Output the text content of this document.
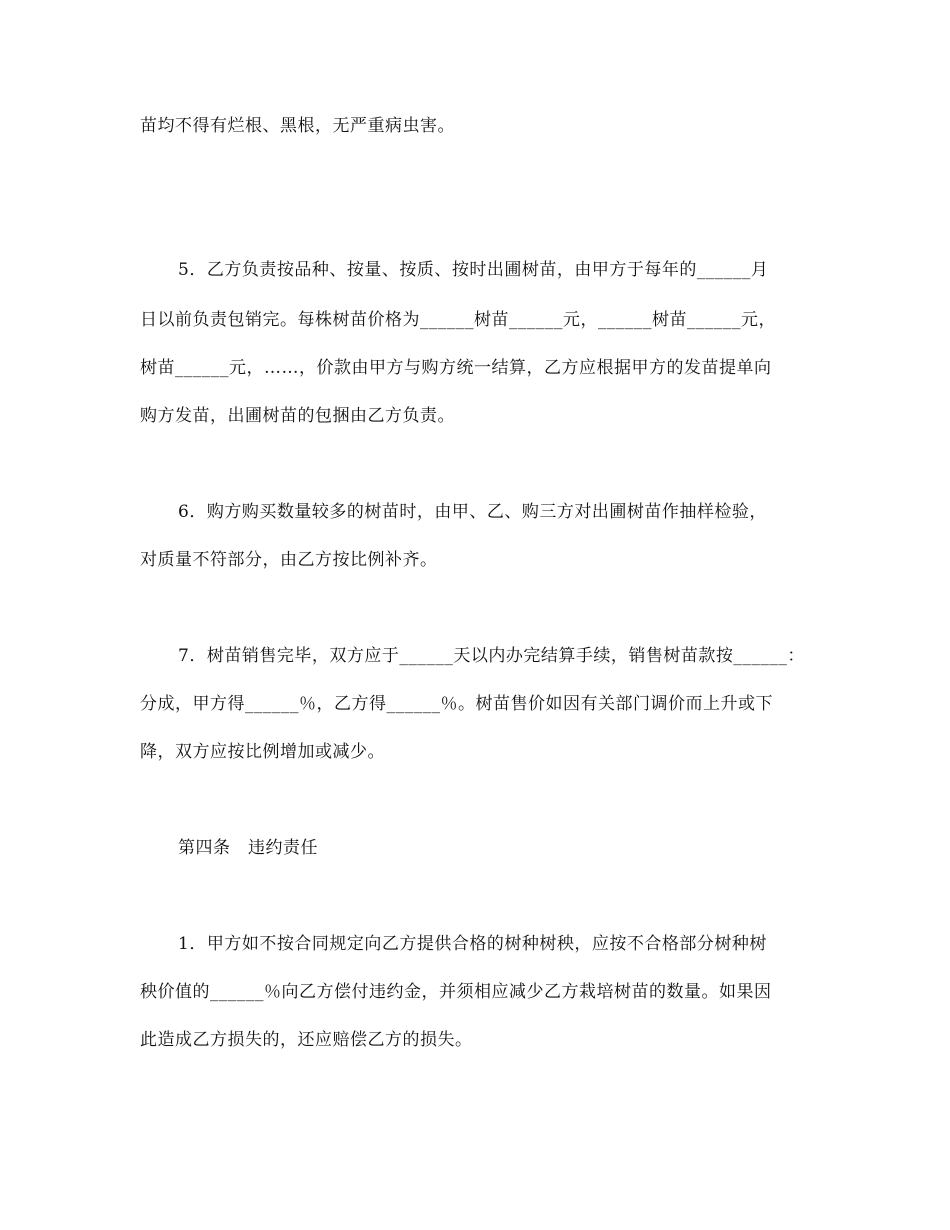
苗均不得有烂根、黑根，无严重病虫害。
5．乙方负责按品种、按量、按质、按时出圃树苗，由甲方于每年的______月
日以前负责包销完。每株树苗价格为______树苗______元，______树苗______元，
树苗______元，……，价款由甲方与购方统一结算，乙方应根据甲方的发苗提单向
购方发苗，出圃树苗的包捆由乙方负责。
6．购方购买数量较多的树苗时，由甲、乙、购三方对出圃树苗作抽样检验，
对质量不符部分，由乙方按比例补齐。
7．树苗销售完毕，双方应于______天以内办完结算手续，销售树苗款按______：
分成，甲方得______％，乙方得______％。树苗售价如因有关部门调价而上升或下
降，双方应按比例增加或减少。
第四条　违约责任
1．甲方如不按合同规定向乙方提供合格的树种树秧，应按不合格部分树种树
秧价值的______％向乙方偿付违约金，并须相应减少乙方栽培树苗的数量。如果因
此造成乙方损失的，还应赔偿乙方的损失。
